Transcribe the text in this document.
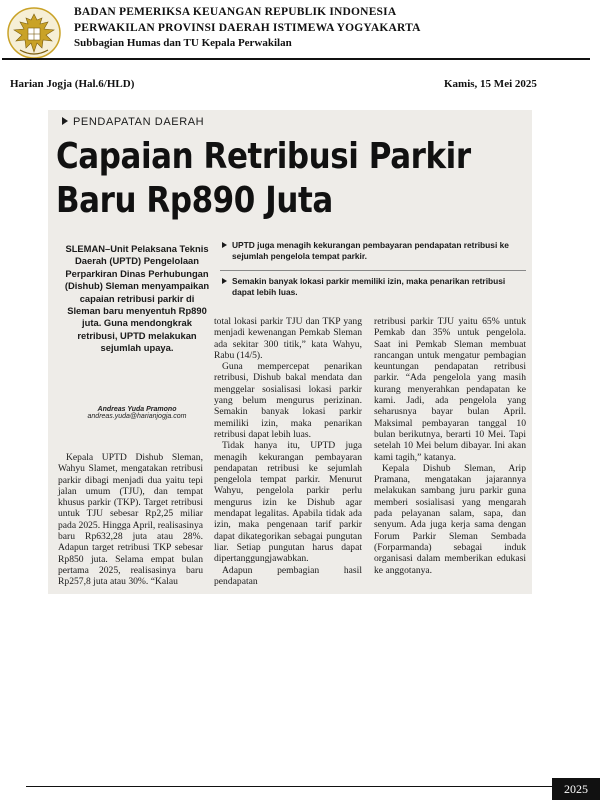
BADAN PEMERIKSA KEUANGAN REPUBLIK INDONESIA
PERWAKILAN PROVINSI DAERAH ISTIMEWA YOGYAKARTA
Subbagian Humas dan TU Kepala Perwakilan
Harian Jogja (Hal.6/HLD)	Kamis, 15 Mei 2025
PENDAPATAN DAERAH
Capaian Retribusi Parkir
Baru Rp890 Juta
SLEMAN–Unit Pelaksana Teknis Daerah (UPTD) Pengelolaan Perparkiran Dinas Perhubungan (Dishub) Sleman menyampaikan capaian retribusi parkir di Sleman baru menyentuh Rp890 juta. Guna mendongkrak retribusi, UPTD melakukan sejumlah upaya.
Andreas Yuda Pramono
andreas.yuda@harianjogja.com
UPTD juga menagih kekurangan pembayaran pendapatan retribusi ke sejumlah pengelola tempat parkir.
Semakin banyak lokasi parkir memiliki izin, maka penarikan retribusi dapat lebih luas.

Kepala UPTD Dishub Sleman, Wahyu Slamet, mengatakan retribusi parkir dibagi menjadi dua yaitu tepi jalan umum (TJU), dan tempat khusus parkir (TKP). Target retribusi untuk TJU sebesar Rp2,25 miliar pada 2025. Hingga April, realisasinya baru Rp632,28 juta atau 28%. Adapun target retribusi TKP sebesar Rp850 juta. Selama empat bulan pertama 2025, realisasinya baru Rp257,8 juta atau 30%. “Kalau

total lokasi parkir TJU dan TKP yang menjadi kewenangan Pemkab Sleman ada sekitar 300 titik,” kata Wahyu, Rabu (14/5).

Guna mempercepat penarikan retribusi, Dishub bakal mendata dan menggelar sosialisasi lokasi parkir yang belum mengurus perizinan. Semakin banyak lokasi parkir memiliki izin, maka penarikan retribusi dapat lebih luas.

Tidak hanya itu, UPTD juga menagih kekurangan pembayaran pendapatan retribusi ke sejumlah pengelola tempat parkir. Menurut Wahyu, pengelola parkir perlu mengurus izin ke Dishub agar mendapat legalitas. Apabila tidak ada izin, maka pengenaan tarif parkir dapat dikategorikan sebagai pungutan liar. Setiap pungutan harus dapat dipertanggungjawabkan.

Adapun pembagian hasil pendapatan

retribusi parkir TJU yaitu 65% untuk Pemkab dan 35% untuk pengelola. Saat ini Pemkab Sleman membuat rancangan untuk mengatur pembagian keuntungan pendapatan retribusi parkir. “Ada pengelola yang masih kurang menyerahkan pendapatan ke kami. Jadi, ada pengelola yang seharusnya bayar bulan April. Maksimal pembayaran tanggal 10 bulan berikutnya, berarti 10 Mei. Tapi setelah 10 Mei belum dibayar. Ini akan kami tagih,” katanya.

Kepala Dishub Sleman, Arip Pramana, mengatakan jajarannya melakukan sambang juru parkir guna memberi sosialisasi yang mengarah pada pelayanan salam, sapa, dan senyum. Ada juga kerja sama dengan Forum Parkir Sleman Sembada (Forparmanda) sebagai induk organisasi dalam memberikan edukasi ke anggotanya.

2025
